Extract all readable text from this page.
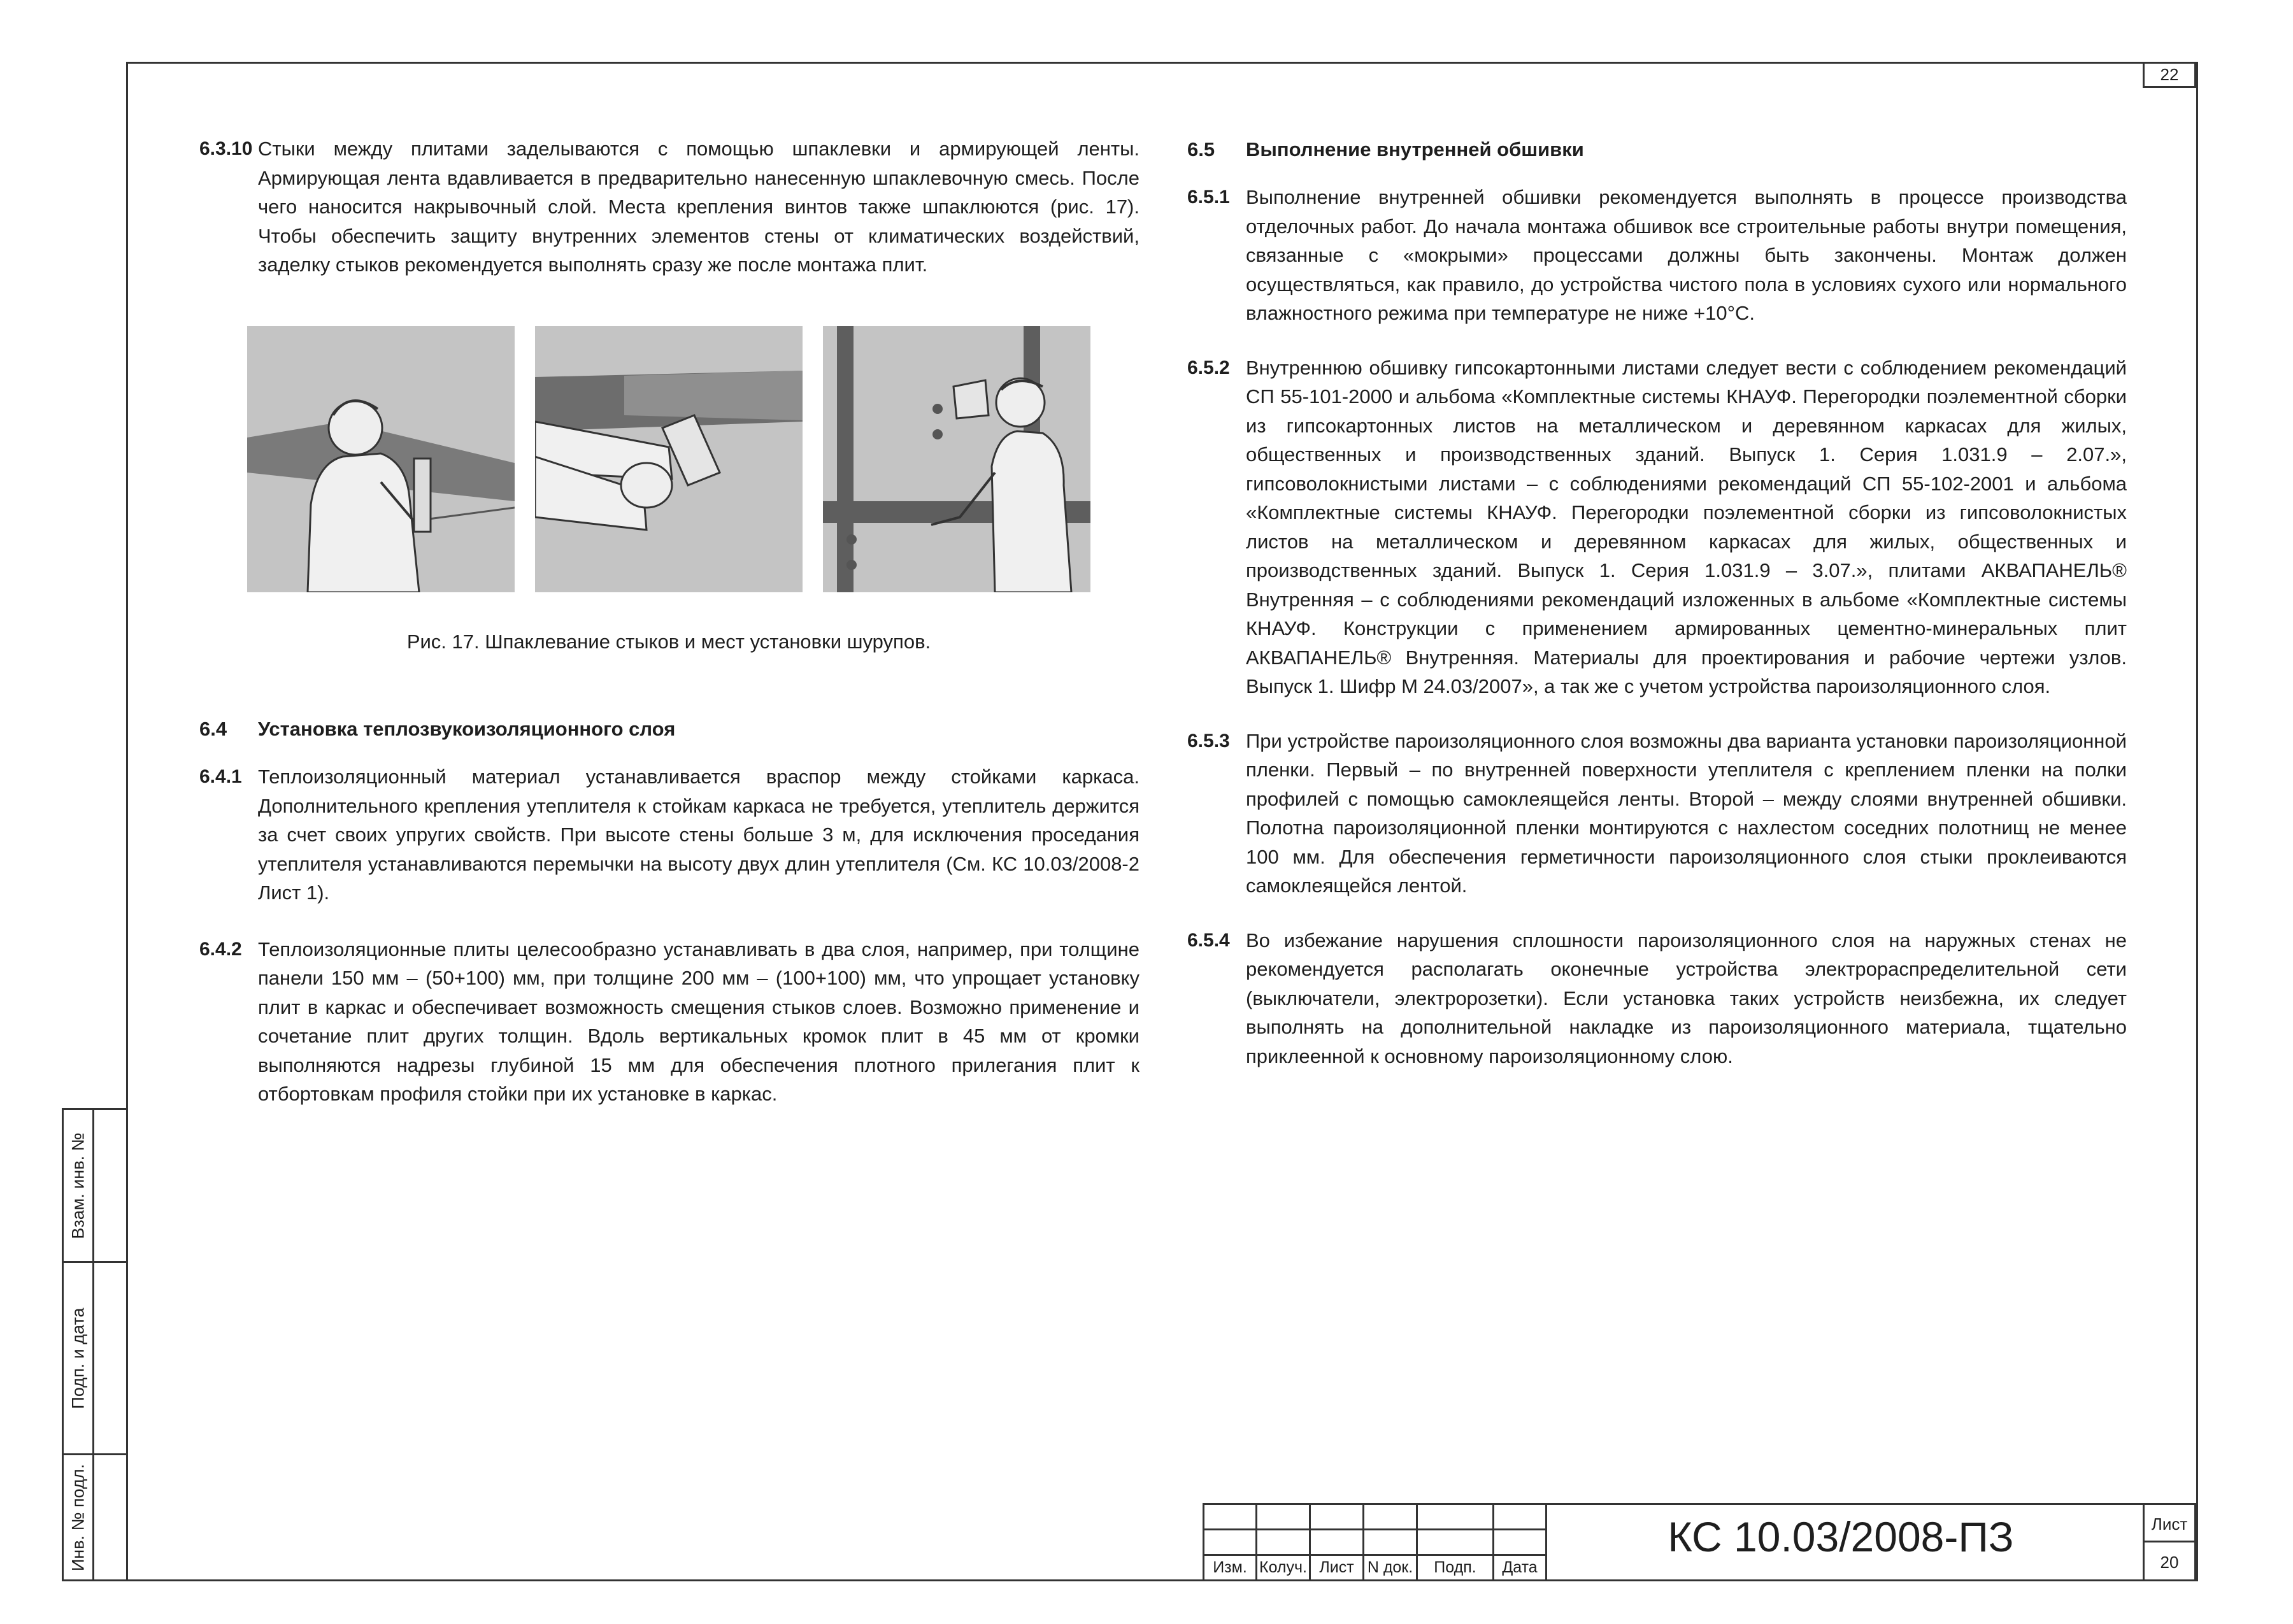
22
6.3.10 Стыки между плитами заделываются с помощью шпаклевки и армирующей ленты. Армирующая лента вдавливается в предварительно нанесенную шпаклевочную смесь. После чего наносится накрывочный слой. Места крепления винтов также шпаклюются (рис. 17). Чтобы обеспечить защиту внутренних элементов стены от климатических воздействий, заделку стыков рекомендуется выполнять сразу же после монтажа плит.
Рис. 17. Шпаклевание стыков и мест установки шурупов.
6.4	Установка теплозвукоизоляционного слоя
6.4.1 Теплоизоляционный материал устанавливается враспор между стойками каркаса. Дополнительного крепления утеплителя к стойкам каркаса не требуется, утеплитель держится за счет своих упругих свойств. При высоте стены больше 3 м, для исключения проседания утеплителя устанавливаются перемычки на высоту двух длин утеплителя (См. КС 10.03/2008-2 Лист 1).
6.4.2 Теплоизоляционные плиты целесообразно устанавливать в два слоя, например, при толщине панели 150 мм – (50+100) мм, при толщине 200 мм – (100+100) мм, что упрощает установку плит в каркас и обеспечивает возможность смещения стыков слоев. Возможно применение и сочетание плит других толщин. Вдоль вертикальных кромок плит в 45 мм от кромки выполняются надрезы глубиной 15 мм для обеспечения плотного прилегания плит к отбортовкам профиля стойки при их установке в каркас.
6.5	Выполнение внутренней обшивки
6.5.1 Выполнение внутренней обшивки рекомендуется выполнять в процессе производства отделочных работ. До начала монтажа обшивок все строительные работы внутри помещения, связанные с «мокрыми» процессами должны быть закончены. Монтаж должен осуществляться, как правило, до устройства чистого пола в условиях сухого или нормального влажностного режима при температуре не ниже +10°С.
6.5.2 Внутреннюю обшивку гипсокартонными листами следует вести с соблюдением рекомендаций СП 55-101-2000 и альбома «Комплектные системы КНАУФ. Перегородки поэлементной сборки из гипсокартонных листов на металлическом и деревянном каркасах для жилых, общественных и производственных зданий. Выпуск 1. Серия 1.031.9 – 2.07.», гипсоволокнистыми листами – с соблюдениями рекомендаций СП 55-102-2001 и альбома «Комплектные системы КНАУФ. Перегородки поэлементной сборки из гипсоволокнистых листов на металлическом и деревянном каркасах для жилых, общественных и производственных зданий. Выпуск 1. Серия 1.031.9 – 3.07.», плитами АКВАПАНЕЛЬ® Внутренняя – с соблюдениями рекомендаций изложенных в альбоме «Комплектные системы КНАУФ. Конструкции с применением армированных цементно-минеральных плит АКВАПАНЕЛЬ® Внутренняя. Материалы для проектирования и рабочие чертежи узлов. Выпуск 1. Шифр М 24.03/2007», а так же с учетом устройства пароизоляционного слоя.
6.5.3 При устройстве пароизоляционного слоя возможны два варианта установки пароизоляционной пленки. Первый – по внутренней поверхности утеплителя с креплением пленки на полки профилей с помощью самоклеящейся ленты. Второй – между слоями внутренней обшивки. Полотна пароизоляционной пленки монтируются с нахлестом соседних полотнищ не менее 100 мм. Для обеспечения герметичности пароизоляционного слоя стыки проклеиваются самоклеящейся лентой.
6.5.4 Во избежание нарушения сплошности пароизоляционного слоя на наружных стенах не рекомендуется располагать оконечные устройства электрораспределительной сети (выключатели, электророзетки). Если установка таких устройств неизбежна, их следует выполнять на дополнительной накладке из пароизоляционного материала, тщательно приклеенной к основному пароизоляционному слою.
Взам. инв. №
Подп. и дата
Инв. № подл.

						Изм.	Колуч.	Лист	N док.	Подп.	Дата
КС 10.03/2008-ПЗ	Лист
20
